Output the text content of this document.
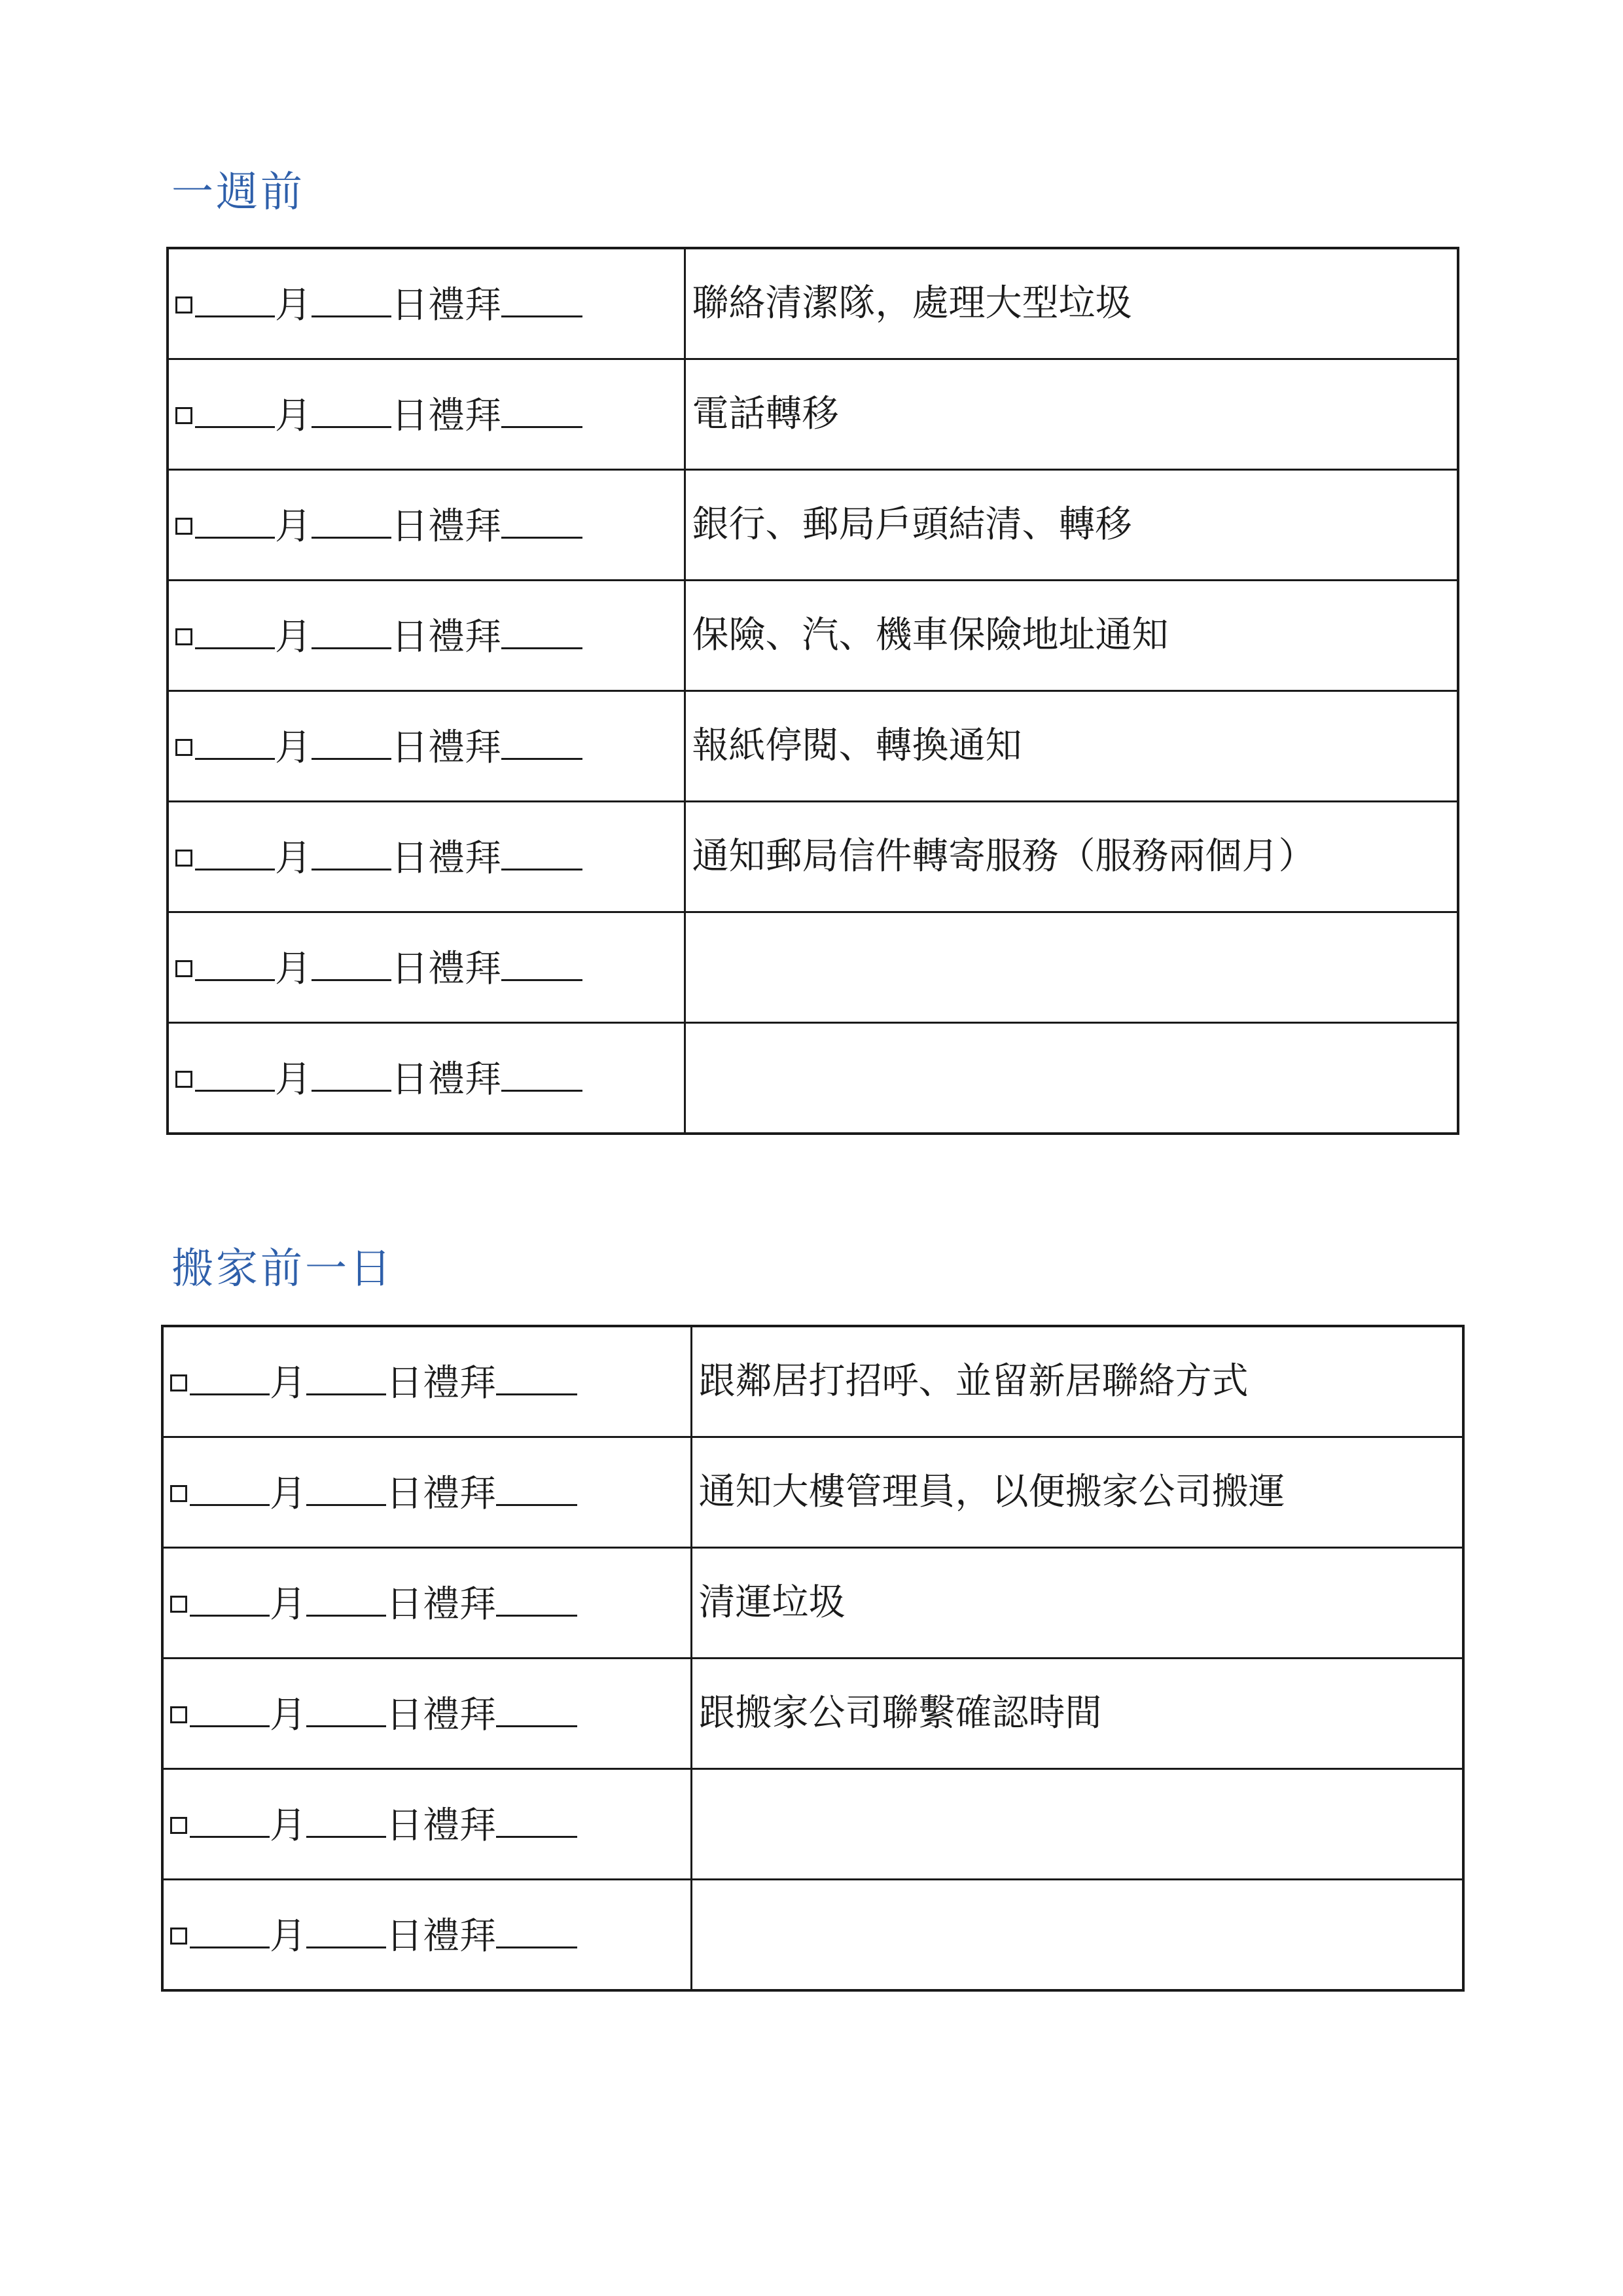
一週前
月 日禮拜	聯絡清潔隊，處理大型垃圾
月 日禮拜	電話轉移
月 日禮拜	銀行、郵局戶頭結清、轉移
月 日禮拜	保險、汽、機車保險地址通知
月 日禮拜	報紙停閱、轉換通知
月 日禮拜	通知郵局信件轉寄服務（服務兩個月）
月 日禮拜	
月 日禮拜	
搬家前一日
月 日禮拜	跟鄰居打招呼、並留新居聯絡方式
月 日禮拜	通知大樓管理員，以便搬家公司搬運
月 日禮拜	清運垃圾
月 日禮拜	跟搬家公司聯繫確認時間
月 日禮拜	
月 日禮拜	
